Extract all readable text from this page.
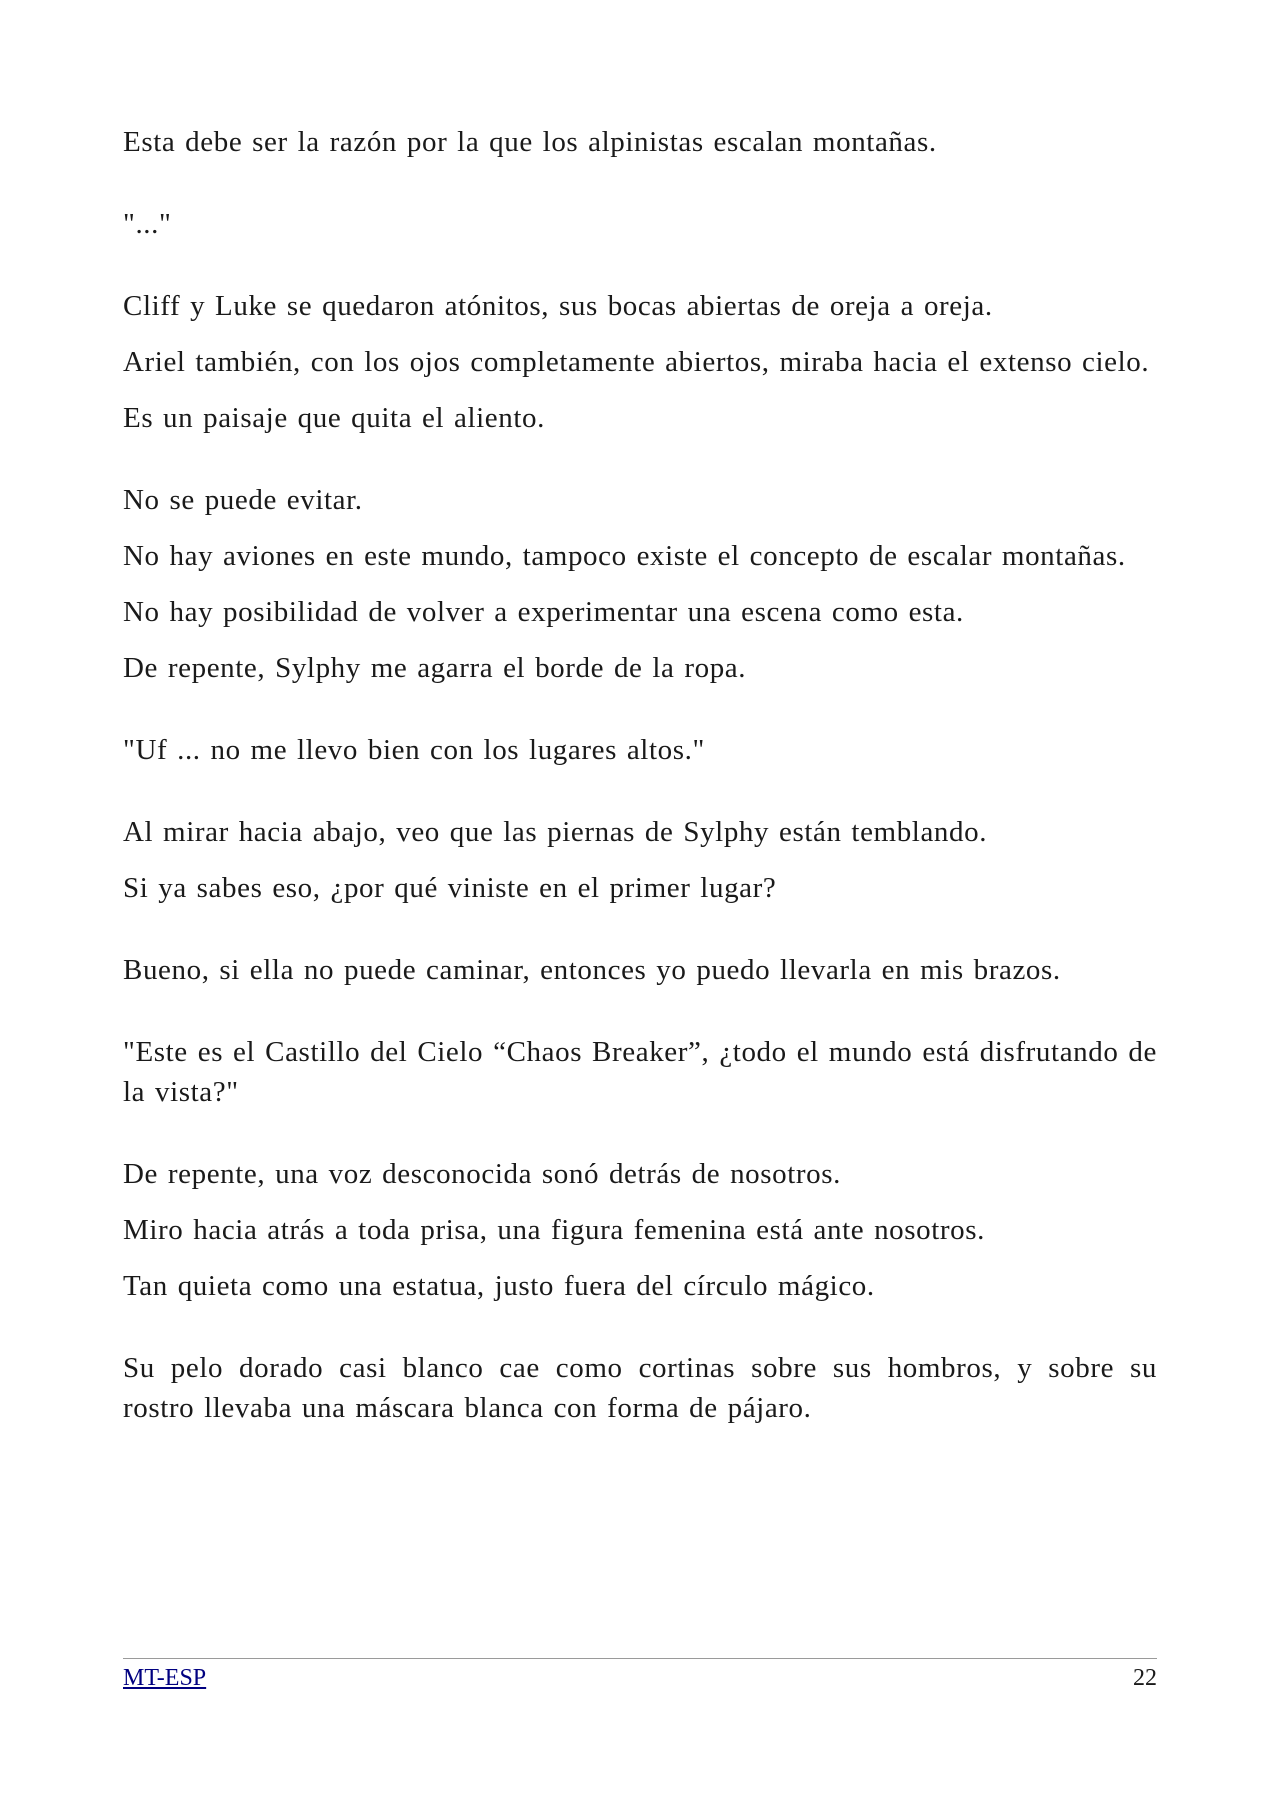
Esta debe ser la razón por la que los alpinistas escalan montañas.

"..."

Cliff y Luke se quedaron atónitos, sus bocas abiertas de oreja a oreja.

Ariel también, con los ojos completamente abiertos, miraba hacia el extenso cielo.

Es un paisaje que quita el aliento.

No se puede evitar.

No hay aviones en este mundo, tampoco existe el concepto de escalar montañas.

No hay posibilidad de volver a experimentar una escena como esta.

De repente, Sylphy me agarra el borde de la ropa.

"Uf ... no me llevo bien con los lugares altos."

Al mirar hacia abajo, veo que las piernas de Sylphy están temblando.

Si ya sabes eso, ¿por qué viniste en el primer lugar?

Bueno, si ella no puede caminar, entonces yo puedo llevarla en mis brazos.

"Este es el Castillo del Cielo “Chaos Breaker”, ¿todo el mundo está disfrutando de la vista?"

De repente, una voz desconocida sonó detrás de nosotros.

Miro hacia atrás a toda prisa, una figura femenina está ante nosotros.

Tan quieta como una estatua, justo fuera del círculo mágico.

Su pelo dorado casi blanco cae como cortinas sobre sus hombros, y sobre su rostro llevaba una máscara blanca con forma de pájaro.

MT-ESP	22
